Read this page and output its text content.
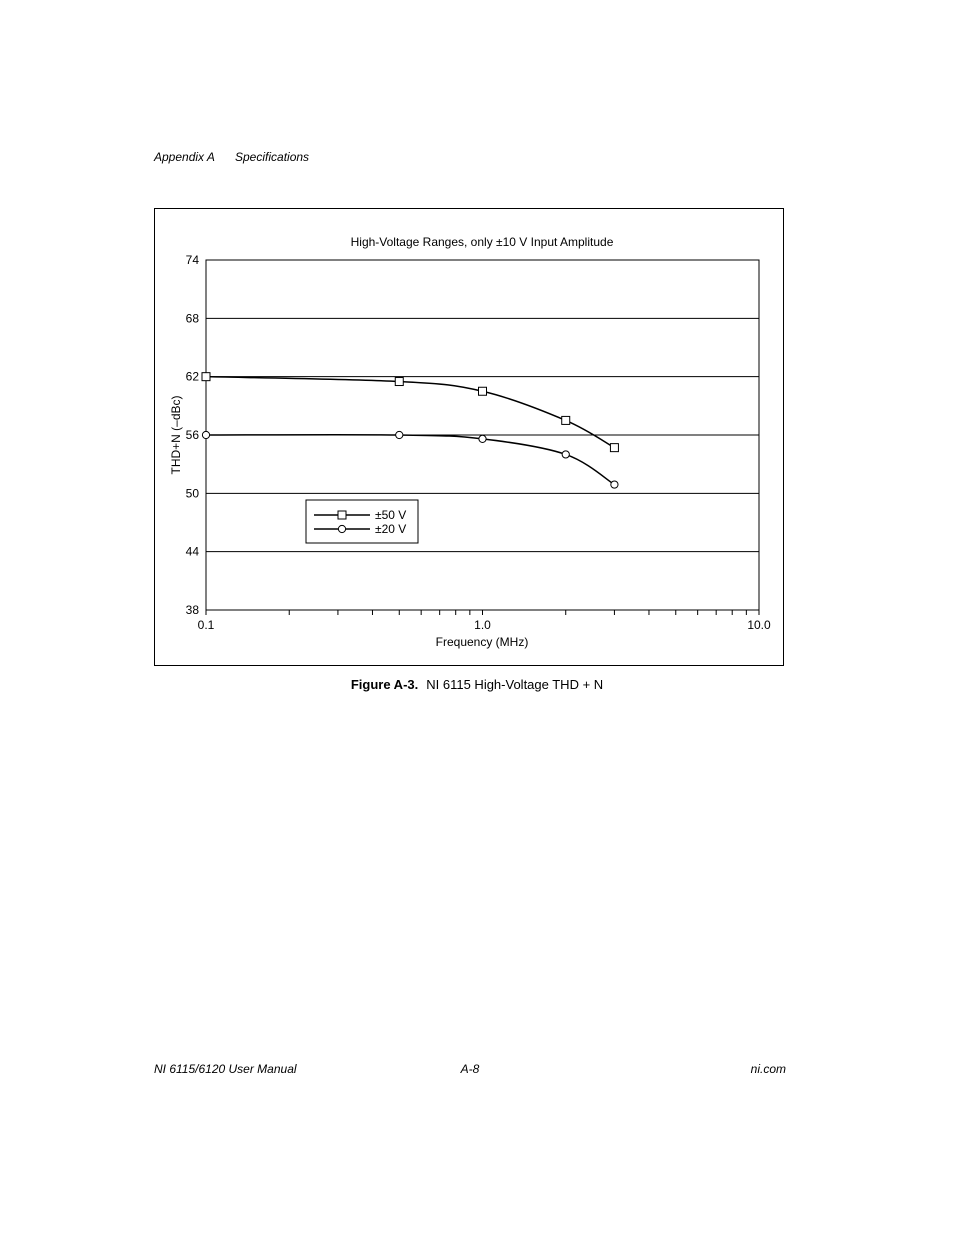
Appendix A Specifications
High-Voltage Ranges, only ±10 V Input Amplitude
74
68
62
56
50
44
38
0.1	1.0	10.0
Frequency (MHz)
THD+N (–dBc)
±50 V
±20 V
Figure A-3. NI 6115 High-Voltage THD + N
NI 6115/6120 User Manual	A-8	ni.com
